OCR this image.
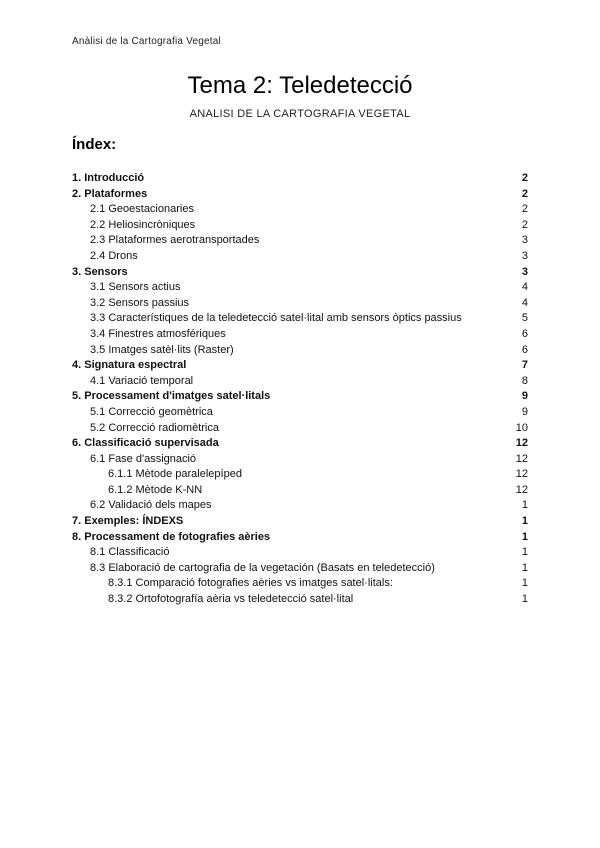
Anàlisi de la Cartografia Vegetal
Tema 2: Teledetecció
ANALISI DE LA CARTOGRAFIA VEGETAL
Índex:
1. Introducció	2
2. Plataformes	2
2.1 Geoestacionaries	2
2.2 Heliosincròniques	2
2.3 Plataformes aerotransportades	3
2.4 Drons	3
3. Sensors	3
3.1 Sensors actius	4
3.2 Sensors passius	4
3.3 Característiques de la teledetecció satel·lital amb sensors òptics passius	5
3.4 Finestres atmosfériques	6
3.5 Imatges satèl·lits (Raster)	6
4. Signatura espectral	7
4.1 Variació temporal	8
5. Processament d'imatges satel·litals	9
5.1 Correcció geomètrica	9
5.2 Correcció radiomètrica	10
6. Classificació supervisada	12
6.1 Fase d'assignació	12
6.1.1 Mètode paralelepíped	12
6.1.2 Mètode K-NN	12
6.2 Validació dels mapes	1
7. Exemples: ÍNDEXS	1
8. Processament de fotografies aèries	1
8.1 Classificació	1
8.3 Elaboració de cartografia de la vegetación (Basats en teledetecció)	1
8.3.1 Comparació fotografies aèries vs imatges satel·litals:	1
8.3.2 Ortofotografía aèria vs teledetecció satel·lital	1
